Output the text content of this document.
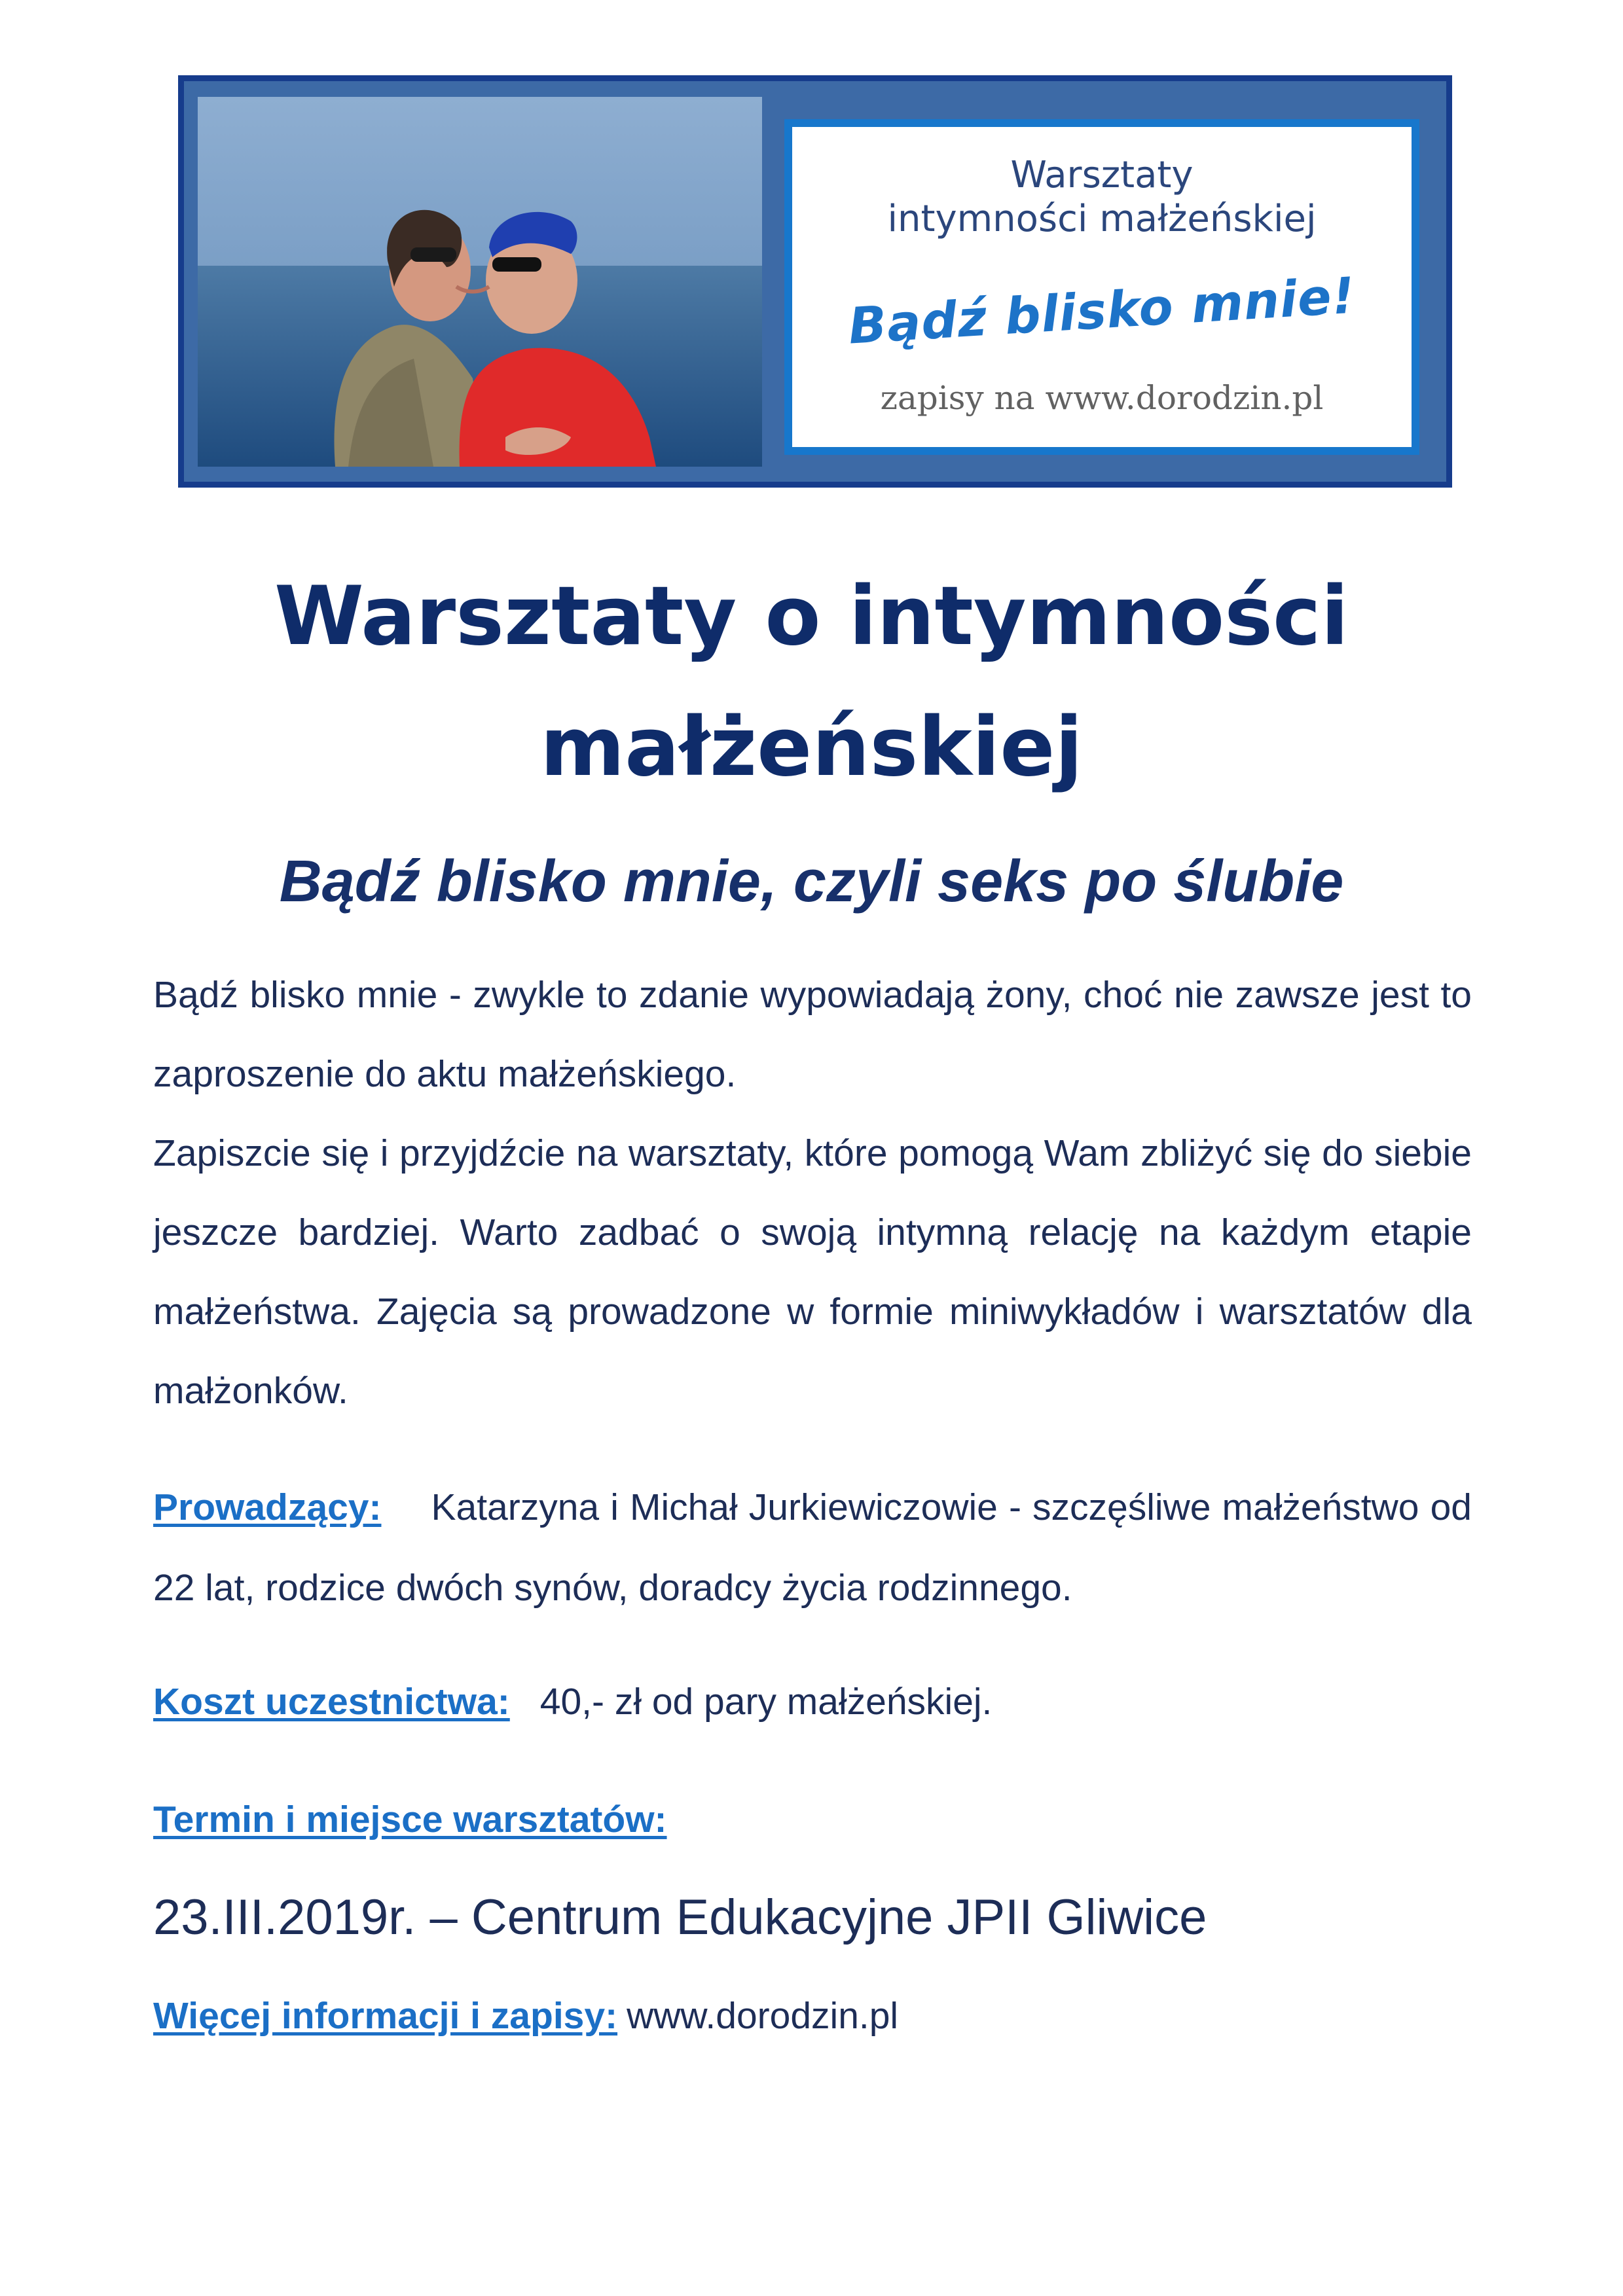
Warsztaty
intymności małżeńskiej
Bądź blisko mnie!
zapisy na www.dorodzin.pl
Warsztaty o intymności
małżeńskiej
Bądź blisko mnie, czyli seks po ślubie

Bądź blisko mnie - zwykle to zdanie wypowiadają żony, choć nie zawsze jest to zaproszenie do aktu małżeńskiego.

Zapiszcie się i przyjdźcie na warsztaty, które pomogą Wam zbliżyć się do siebie jeszcze bardziej. Warto zadbać o swoją intymną relację na każdym etapie małżeństwa. Zajęcia są prowadzone w formie miniwykładów i warsztatów dla małżonków.

Prowadzący: Katarzyna i Michał Jurkiewiczowie - szczęśliwe małżeństwo od 22 lat, rodzice dwóch synów, doradcy życia rodzinnego.

Koszt uczestnictwa: 40,- zł od pary małżeńskiej.
Termin i miejsce warsztatów:
23.III.2019r. – Centrum Edukacyjne JPII Gliwice
Więcej informacji i zapisy: www.dorodzin.pl
